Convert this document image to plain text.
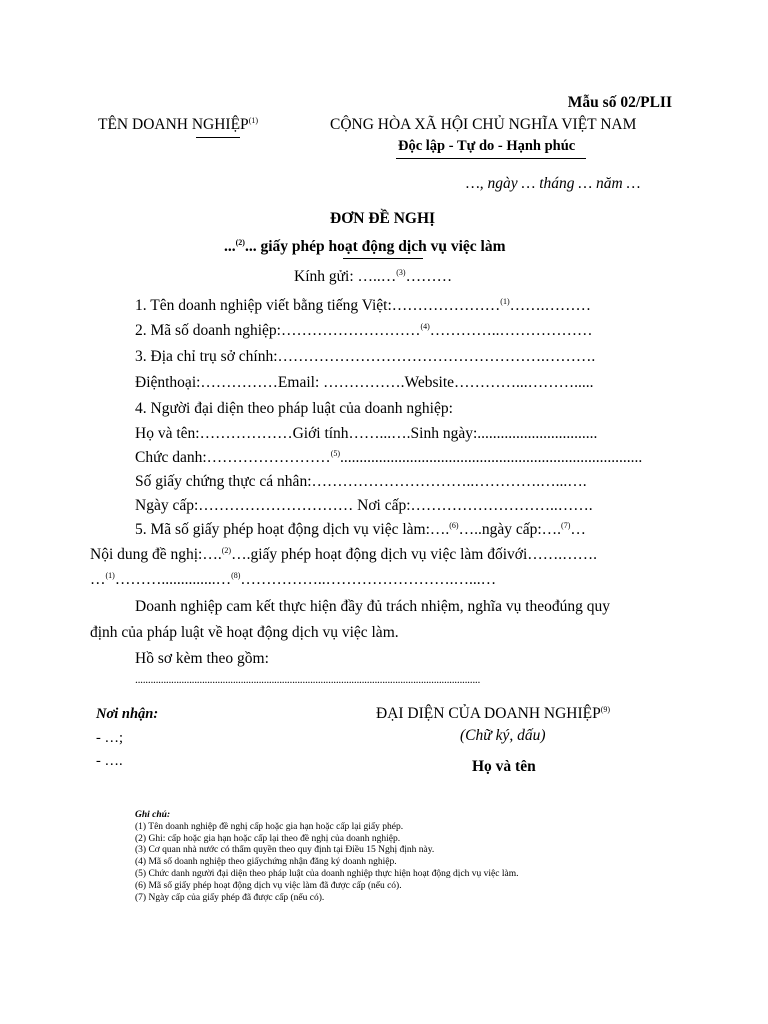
Mẫu số 02/PLII
TÊN DOANH NGHIỆP$^{(1)}$	CỘNG HÒA XÃ HỘI CHỦ NGHĨA VIỆT NAM
Độc lập - Tự do - Hạnh phúc
…, ngày … tháng … năm …
ĐƠN ĐỀ NGHỊ
...$^{(2)}$... giấy phép hoạt động dịch vụ việc làm
Kính gửi: …..…$^{(3)}$………
1. Tên doanh nghiệp viết bằng tiếng Việt:…………………$^{(1)}$…….………
2. Mã số doanh nghiệp:………………………$^{(4)}$…………..………………
3. Địa chỉ trụ sở chính:…………………………………………….……….
Điệnthoại:……………Email: …………….Website…………...……….....
4. Người đại diện theo pháp luật của doanh nghiệp:
Họ và tên:………………Giới tính……...….Sinh ngày:...............................
Chức danh:……………………$^{(5)}$..............................................................................
Số giấy chứng thực cá nhân:…………………………..………….…...….
Ngày cấp:………………………… Nơi cấp:………………………..…….
5. Mã số giấy phép hoạt động dịch vụ việc làm:….$^{(6)}$…..ngày cấp:….$^{(7)}$…
Nội dung đề nghị:….$^{(2)}$….giấy phép hoạt động dịch vụ việc làm đốivới…….…….
…$^{(1)}$………..............…$^{(8)}$……………..…………………….…...…
Doanh nghiệp cam kết thực hiện đầy đủ trách nhiệm, nghĩa vụ theođúng quy
định của pháp luật về hoạt động dịch vụ việc làm.
Hồ sơ kèm theo gồm:
......................................................................................................................................
Nơi nhận:
- …;
- ….
ĐẠI DIỆN CỦA DOANH NGHIỆP$^{(9)}$
(Chữ ký, dấu)
Họ và tên
Ghi chú:
(1) Tên doanh nghiệp đề nghị cấp hoặc gia hạn hoặc cấp lại giấy phép.
(2) Ghi: cấp hoặc gia hạn hoặc cấp lại theo đề nghị của doanh nghiệp.
(3) Cơ quan nhà nước có thẩm quyền theo quy định tại Điều 15 Nghị định này.
(4) Mã số doanh nghiệp theo giấychứng nhận đăng ký doanh nghiệp.
(5) Chức danh người đại diện theo pháp luật của doanh nghiệp thực hiện hoạt động dịch vụ việc làm.
(6) Mã số giấy phép hoạt động dịch vụ việc làm đã được cấp (nếu có).
(7) Ngày cấp của giấy phép đã được cấp (nếu có).
